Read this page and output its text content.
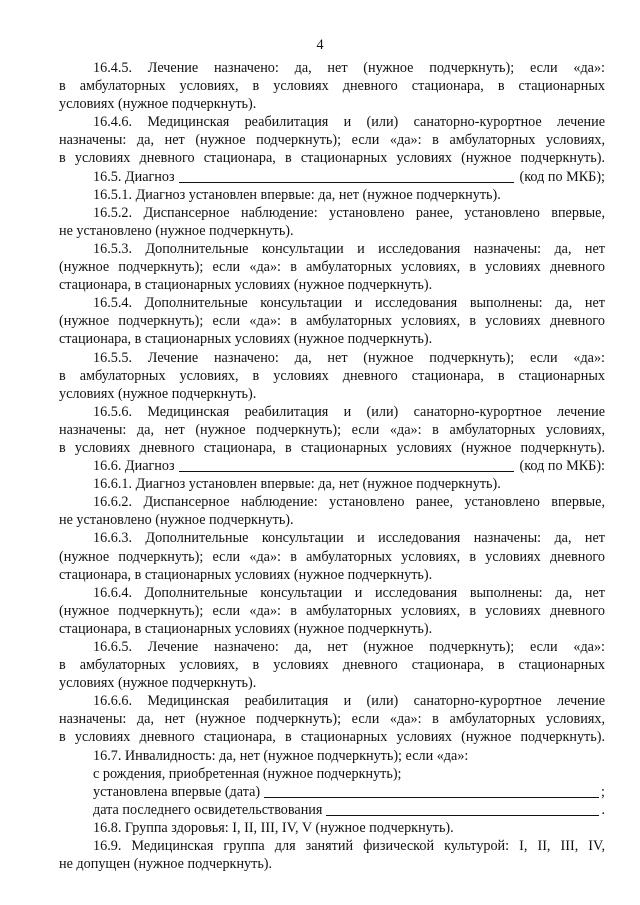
4
16.4.5. Лечение назначено: да, нет (нужное подчеркнуть); если «да»:
в амбулаторных условиях, в условиях дневного стационара, в стационарных
условиях (нужное подчеркнуть).
16.4.6. Медицинская реабилитация и (или) санаторно-курортное лечение
назначены: да, нет (нужное подчеркнуть); если «да»: в амбулаторных условиях,
в условиях дневного стационара, в стационарных условиях (нужное подчеркнуть).
16.5. Диагноз	(код по МКБ);
16.5.1. Диагноз установлен впервые: да, нет (нужное подчеркнуть).
16.5.2. Диспансерное наблюдение: установлено ранее, установлено впервые,
не установлено (нужное подчеркнуть).
16.5.3. Дополнительные консультации и исследования назначены: да, нет
(нужное подчеркнуть); если «да»: в амбулаторных условиях, в условиях дневного
стационара, в стационарных условиях (нужное подчеркнуть).
16.5.4. Дополнительные консультации и исследования выполнены: да, нет
(нужное подчеркнуть); если «да»: в амбулаторных условиях, в условиях дневного
стационара, в стационарных условиях (нужное подчеркнуть).
16.5.5. Лечение назначено: да, нет (нужное подчеркнуть); если «да»:
в амбулаторных условиях, в условиях дневного стационара, в стационарных
условиях (нужное подчеркнуть).
16.5.6. Медицинская реабилитация и (или) санаторно-курортное лечение
назначены: да, нет (нужное подчеркнуть); если «да»: в амбулаторных условиях,
в условиях дневного стационара, в стационарных условиях (нужное подчеркнуть).
16.6. Диагноз	(код по МКБ):
16.6.1. Диагноз установлен впервые: да, нет (нужное подчеркнуть).
16.6.2. Диспансерное наблюдение: установлено ранее, установлено впервые,
не установлено (нужное подчеркнуть).
16.6.3. Дополнительные консультации и исследования назначены: да, нет
(нужное подчеркнуть); если «да»: в амбулаторных условиях, в условиях дневного
стационара, в стационарных условиях (нужное подчеркнуть).
16.6.4. Дополнительные консультации и исследования выполнены: да, нет
(нужное подчеркнуть); если «да»: в амбулаторных условиях, в условиях дневного
стационара, в стационарных условиях (нужное подчеркнуть).
16.6.5. Лечение назначено: да, нет (нужное подчеркнуть); если «да»:
в амбулаторных условиях, в условиях дневного стационара, в стационарных
условиях (нужное подчеркнуть).
16.6.6. Медицинская реабилитация и (или) санаторно-курортное лечение
назначены: да, нет (нужное подчеркнуть); если «да»: в амбулаторных условиях,
в условиях дневного стационара, в стационарных условиях (нужное подчеркнуть).
16.7. Инвалидность: да, нет (нужное подчеркнуть); если «да»:
с рождения, приобретенная (нужное подчеркнуть);
установлена впервые (дата)	;
дата последнего освидетельствования	.
16.8. Группа здоровья: I, II, III, IV, V (нужное подчеркнуть).
16.9. Медицинская группа для занятий физической культурой: I, II, III, IV,
не допущен (нужное подчеркнуть).
